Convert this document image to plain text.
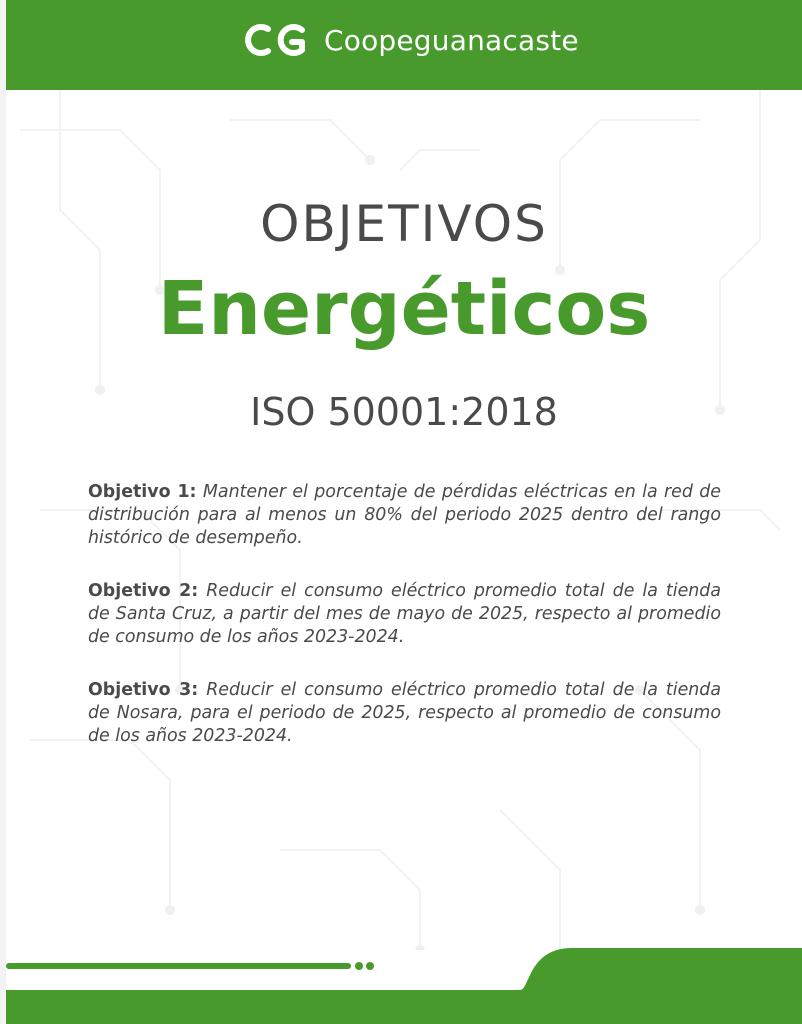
Coopeguanacaste
OBJETIVOS
Energéticos
ISO 50001:2018

Objetivo 1: Mantener el porcentaje de pérdidas eléctricas en la red de distribución para al menos un 80% del periodo 2025 dentro del rango histórico de desempeño.

Objetivo 2: Reducir el consumo eléctrico promedio total de la tienda de Santa Cruz, a partir del mes de mayo de 2025, respecto al promedio de consumo de los años 2023-2024.

Objetivo 3: Reducir el consumo eléctrico promedio total de la tienda de Nosara, para el periodo de 2025, respecto al promedio de consumo de los años 2023-2024.
